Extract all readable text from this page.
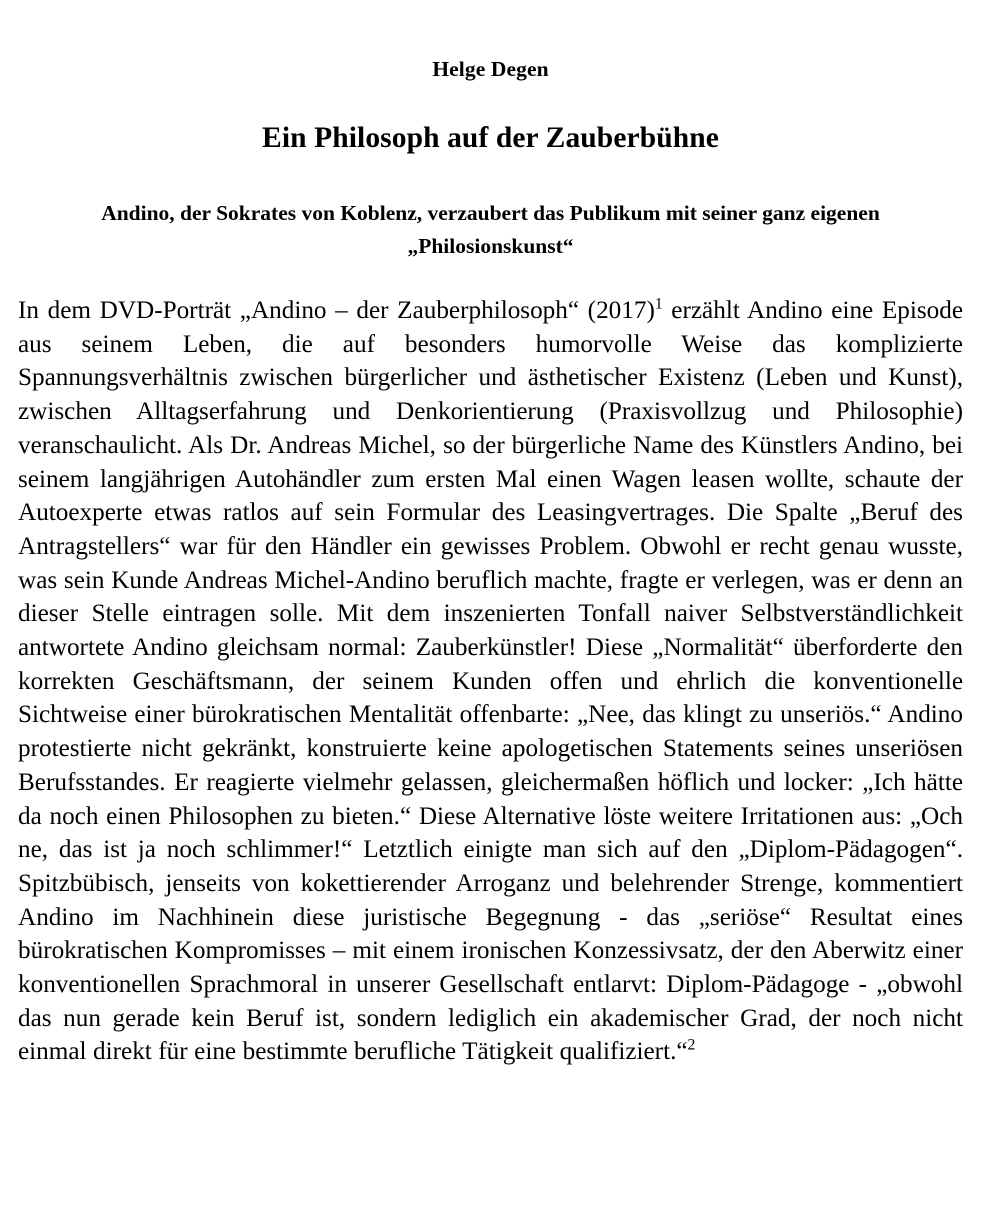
Helge Degen
Ein Philosoph auf der Zauberbühne
Andino, der Sokrates von Koblenz, verzaubert das Publikum mit seiner ganz eigenen „Philosionskunst“

In dem DVD-Porträt „Andino – der Zauberphilosoph“ $(2017)^1$ erzählt Andino eine Episode aus seinem Leben, die auf besonders humorvolle Weise das komplizierte Spannungsverhältnis zwischen bürgerlicher und ästhetischer Existenz (Leben und Kunst), zwischen Alltagserfahrung und Denkorientierung (Praxisvollzug und Philosophie) veranschaulicht. Als Dr. Andreas Michel, so der bürgerliche Name des Künstlers Andino, bei seinem langjährigen Autohändler zum ersten Mal einen Wagen leasen wollte, schaute der Autoexperte etwas ratlos auf sein Formular des Leasingvertrages. Die Spalte „Beruf des Antragstellers“ war für den Händler ein gewisses Problem. Obwohl er recht genau wusste, was sein Kunde Andreas Michel-Andino beruflich machte, fragte er verlegen, was er denn an dieser Stelle eintragen solle. Mit dem inszenierten Tonfall naiver Selbstverständlichkeit antwortete Andino gleichsam normal: Zauberkünstler! Diese „Normalität“ überforderte den korrekten Geschäftsmann, der seinem Kunden offen und ehrlich die konventionelle Sichtweise einer bürokratischen Mentalität offenbarte: „Nee, das klingt zu unseriös.“ Andino protestierte nicht gekränkt, konstruierte keine apologetischen Statements seines unseriösen Berufsstandes. Er reagierte vielmehr gelassen, gleichermaßen höflich und locker: „Ich hätte da noch einen Philosophen zu bieten.“ Diese Alternative löste weitere Irritationen aus: „Och ne, das ist ja noch schlimmer!“ Letztlich einigte man sich auf den „Diplom-Pädagogen“. Spitzbübisch, jenseits von kokettierender Arroganz und belehrender Strenge, kommentiert Andino im Nachhinein diese juristische Begegnung - das „seriöse“ Resultat eines bürokratischen Kompromisses – mit einem ironischen Konzessivsatz, der den Aberwitz einer konventionellen Sprachmoral in unserer Gesellschaft entlarvt: Diplom-Pädagoge - „obwohl das nun gerade kein Beruf ist, sondern lediglich ein akademischer Grad, der noch nicht einmal direkt für eine bestimmte berufliche Tätigkeit qualifiziert.“$^2$
